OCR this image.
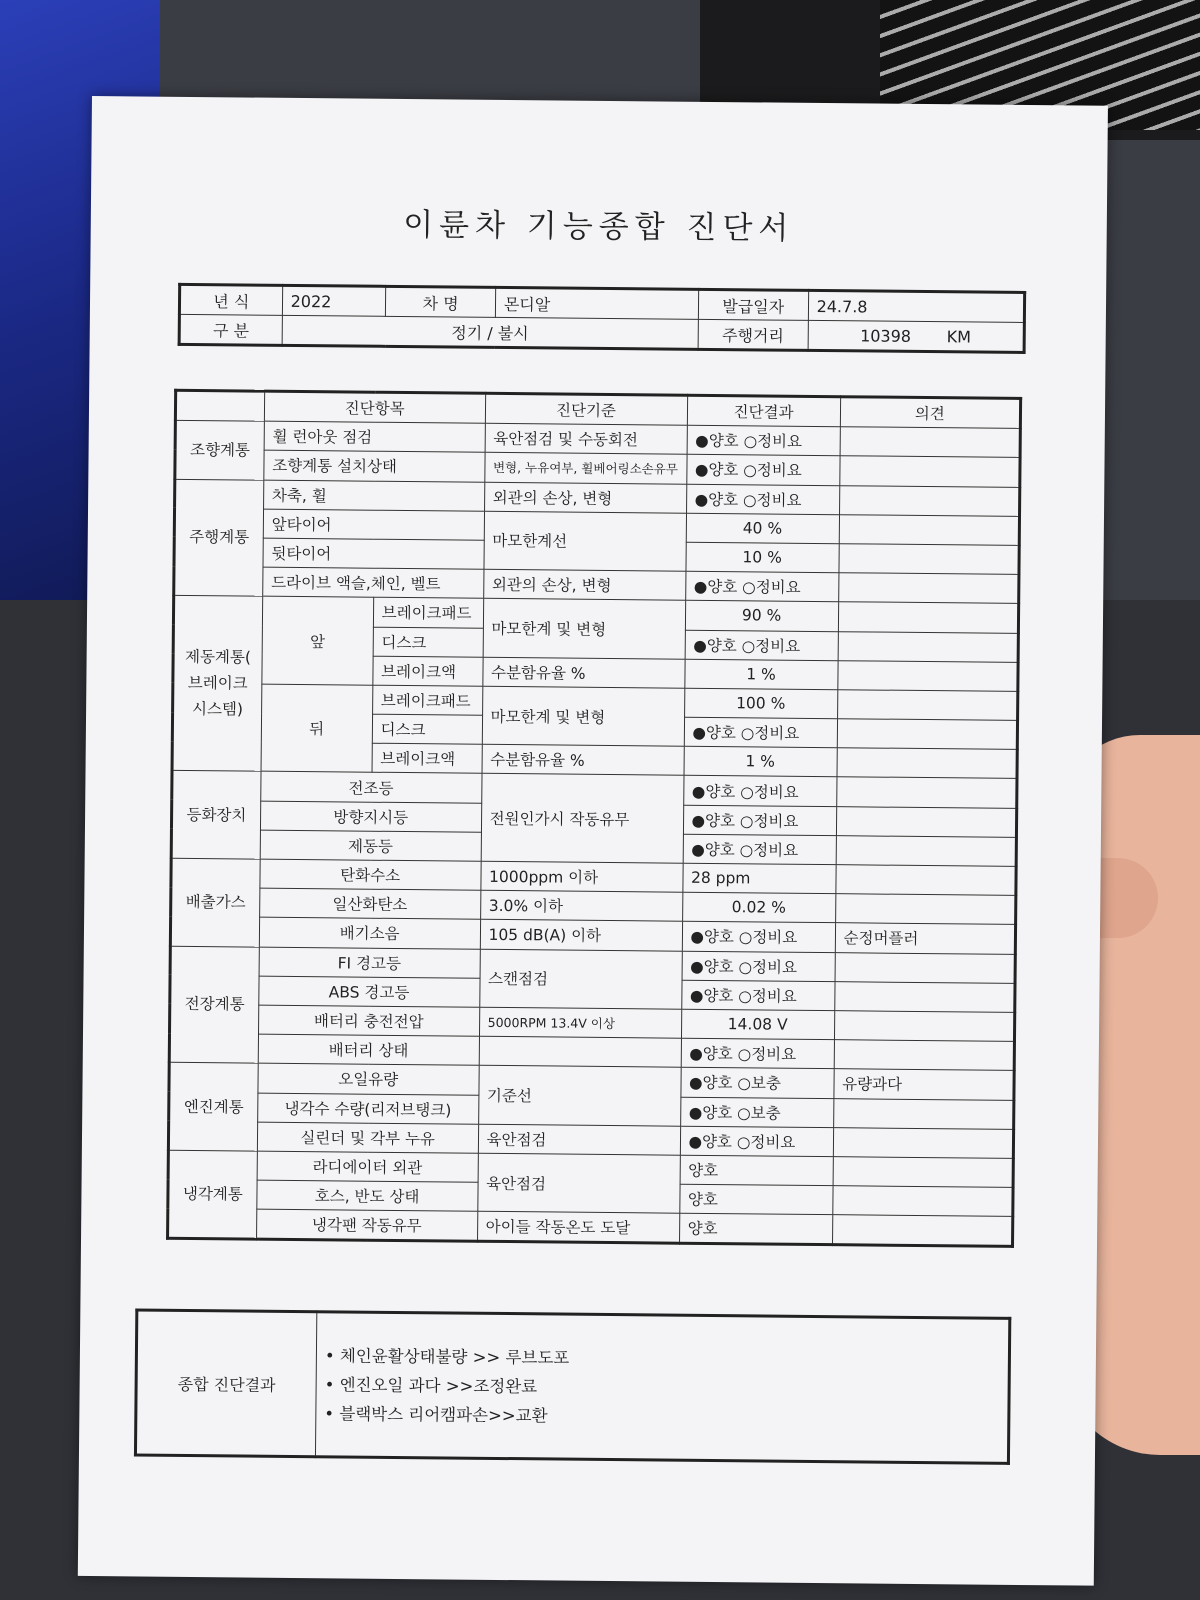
이륜차 기능종합 진단서
년 식	2022	차 명	몬디알	발급일자	24.7.8
구 분	정기 / 불시			주행거리	10398 KM
	진단항목		진단기준	진단결과	의견
조향계통	휠 런아웃 점검		육안점검 및 수동회전	●양호 ○정비요	
	조향계통 설치상태		변형, 누유여부, 휠베어링소손유무	●양호 ○정비요	
주행계통	차축, 휠		외관의 손상, 변형	●양호 ○정비요	
	앞타이어		마모한계선	40 %	
	뒷타이어			10 %	
	드라이브 액슬,체인, 벨트		외관의 손상, 변형	●양호 ○정비요	
제동계통(
브레이크
시스템)	앞	브레이크패드	마모한계 및 변형	90 %	
		디스크		●양호 ○정비요	
		브레이크액	수분함유율 %	1 %	
	뒤	브레이크패드	마모한계 및 변형	100 %	
		디스크		●양호 ○정비요	
		브레이크액	수분함유율 %	1 %	
등화장치	전조등		전원인가시 작동유무	●양호 ○정비요	
	방향지시등			●양호 ○정비요	
	제동등			●양호 ○정비요	
배출가스	탄화수소		1000ppm 이하	28 ppm	
	일산화탄소		3.0% 이하	0.02 %	
	배기소음		105 dB(A) 이하	●양호 ○정비요	순정머플러
전장계통	FI 경고등		스캔점검	●양호 ○정비요	
	ABS 경고등			●양호 ○정비요	
	배터리 충전전압		5000RPM 13.4V 이상	14.08 V	
	배터리 상태			●양호 ○정비요	
엔진계통	오일유량		기준선	●양호 ○보충	유량과다
	냉각수 수량(리저브탱크)			●양호 ○보충	
	실린더 및 각부 누유		육안점검	●양호 ○정비요	
냉각계통	라디에이터 외관		육안점검	양호	
	호스, 반도 상태			양호	
	냉각팬 작동유무		아이들 작동온도 도달	양호	
종합 진단결과	
• 체인윤활상태불량 >> 루브도포
• 엔진오일 과다 >>조정완료
• 블랙박스 리어캠파손>>교환
